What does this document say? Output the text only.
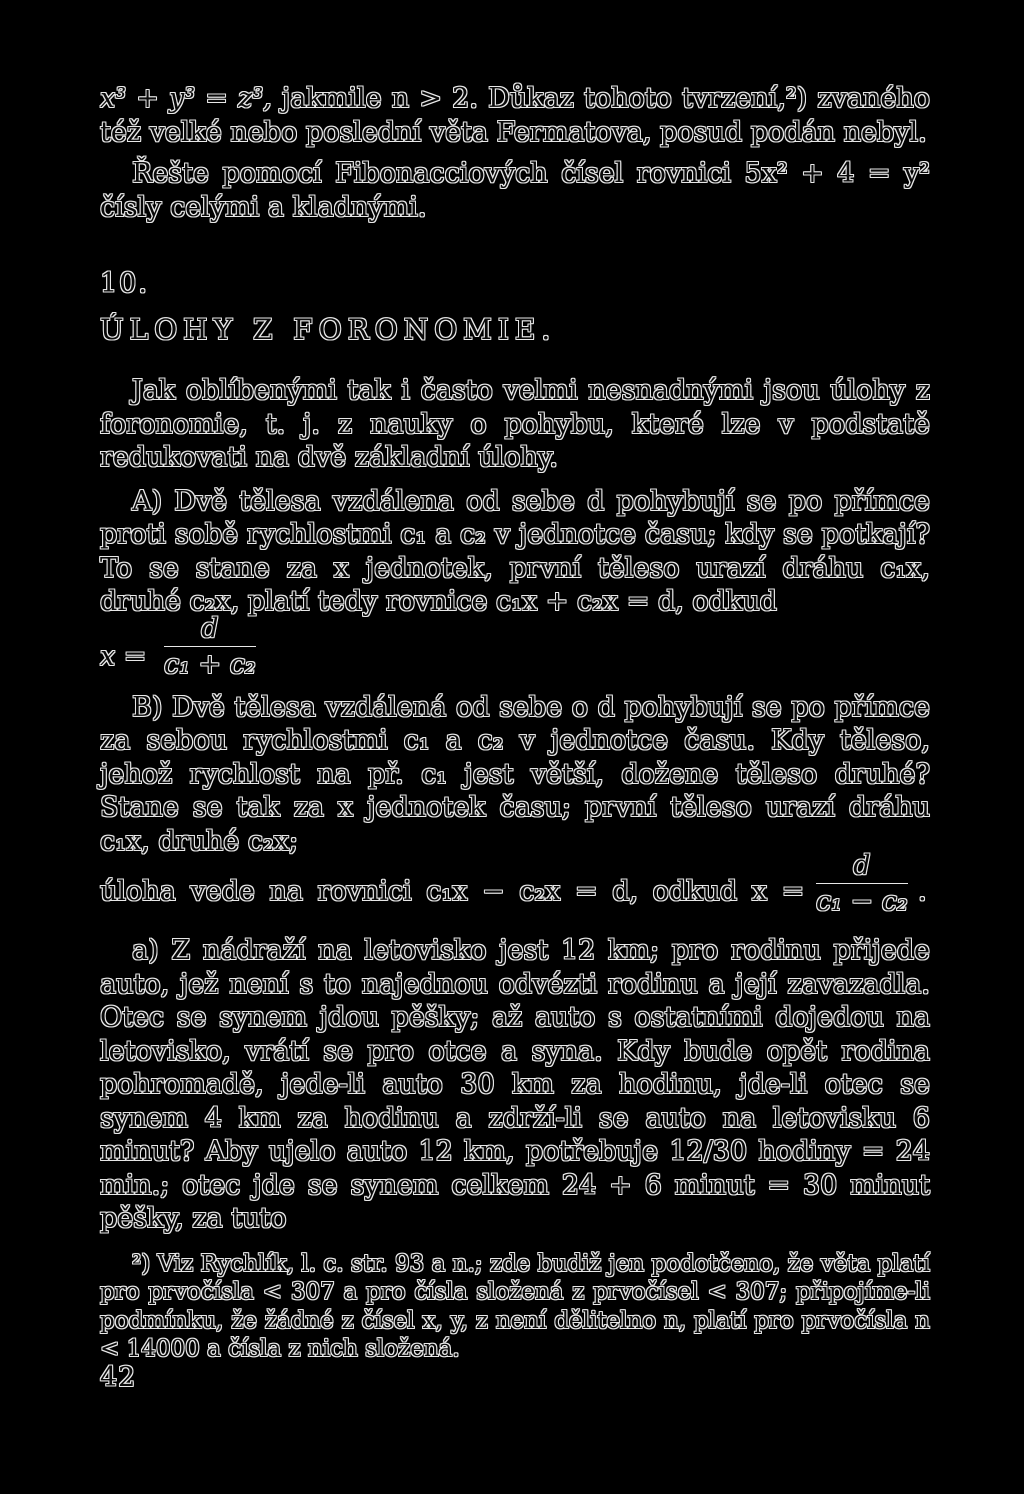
x³ + y³ = z³, jakmile n > 2. Důkaz tohoto tvrzení,²) zvaného též velké nebo poslední věta Fermatova, posud podán nebyl.

Řešte pomocí Fibonacciových čísel rovnici 5x² + 4 = y² čísly celými a kladnými.

10.
ÚLOHY Z FORONOMIE.

Jak oblíbenými tak i často velmi nesnadnými jsou úlohy z foronomie, t. j. z nauky o pohybu, které lze v podstatě redukovati na dvě základní úlohy.

A) Dvě tělesa vzdálena od sebe d pohybují se po přímce proti sobě rychlostmi c₁ a c₂ v jednotce času; kdy se potkají? To se stane za x jednotek, první těleso urazí dráhu c₁x, druhé c₂x, platí tedy rovnice c₁x + c₂x = d, odkud

$x = \frac{d}{\text{c₁ + c₂}}$

B) Dvě tělesa vzdálená od sebe o d pohybují se po přímce za sebou rychlostmi c₁ a c₂ v jednotce času. Kdy těleso, jehož rychlost na př. c₁ jest větší, dožene těleso druhé? Stane se tak za x jednotek času; první těleso urazí dráhu c₁x, druhé c₂x;

úloha vede na rovnici c₁x − c₂x = d, odkud $x = \frac{d}{\text{c₁ − c₂}}$ .

a) Z nádraží na letovisko jest 12 km; pro rodinu přijede auto, jež není s to najednou odvézti rodinu a její zavazadla. Otec se synem jdou pěšky; až auto s ostatními dojedou na letovisko, vrátí se pro otce a syna. Kdy bude opět rodina pohromadě, jede-li auto 30 km za hodinu, jde-li otec se synem 4 km za hodinu a zdrží-li se auto na letovisku 6 minut? Aby ujelo auto 12 km, potřebuje 12/30 hodiny = 24 min.; otec jde se synem celkem 24 + 6 minut = 30 minut pěšky, za tuto

²) Viz Rychlík, l. c. str. 93 a n.; zde budiž jen podotčeno, že věta platí pro prvočísla < 307 a pro čísla složená z prvočísel < 307; připojíme-li podmínku, že žádné z čísel x, y, z není dělitelno n, platí pro prvočísla n < 14000 a čísla z nich složená.

42
